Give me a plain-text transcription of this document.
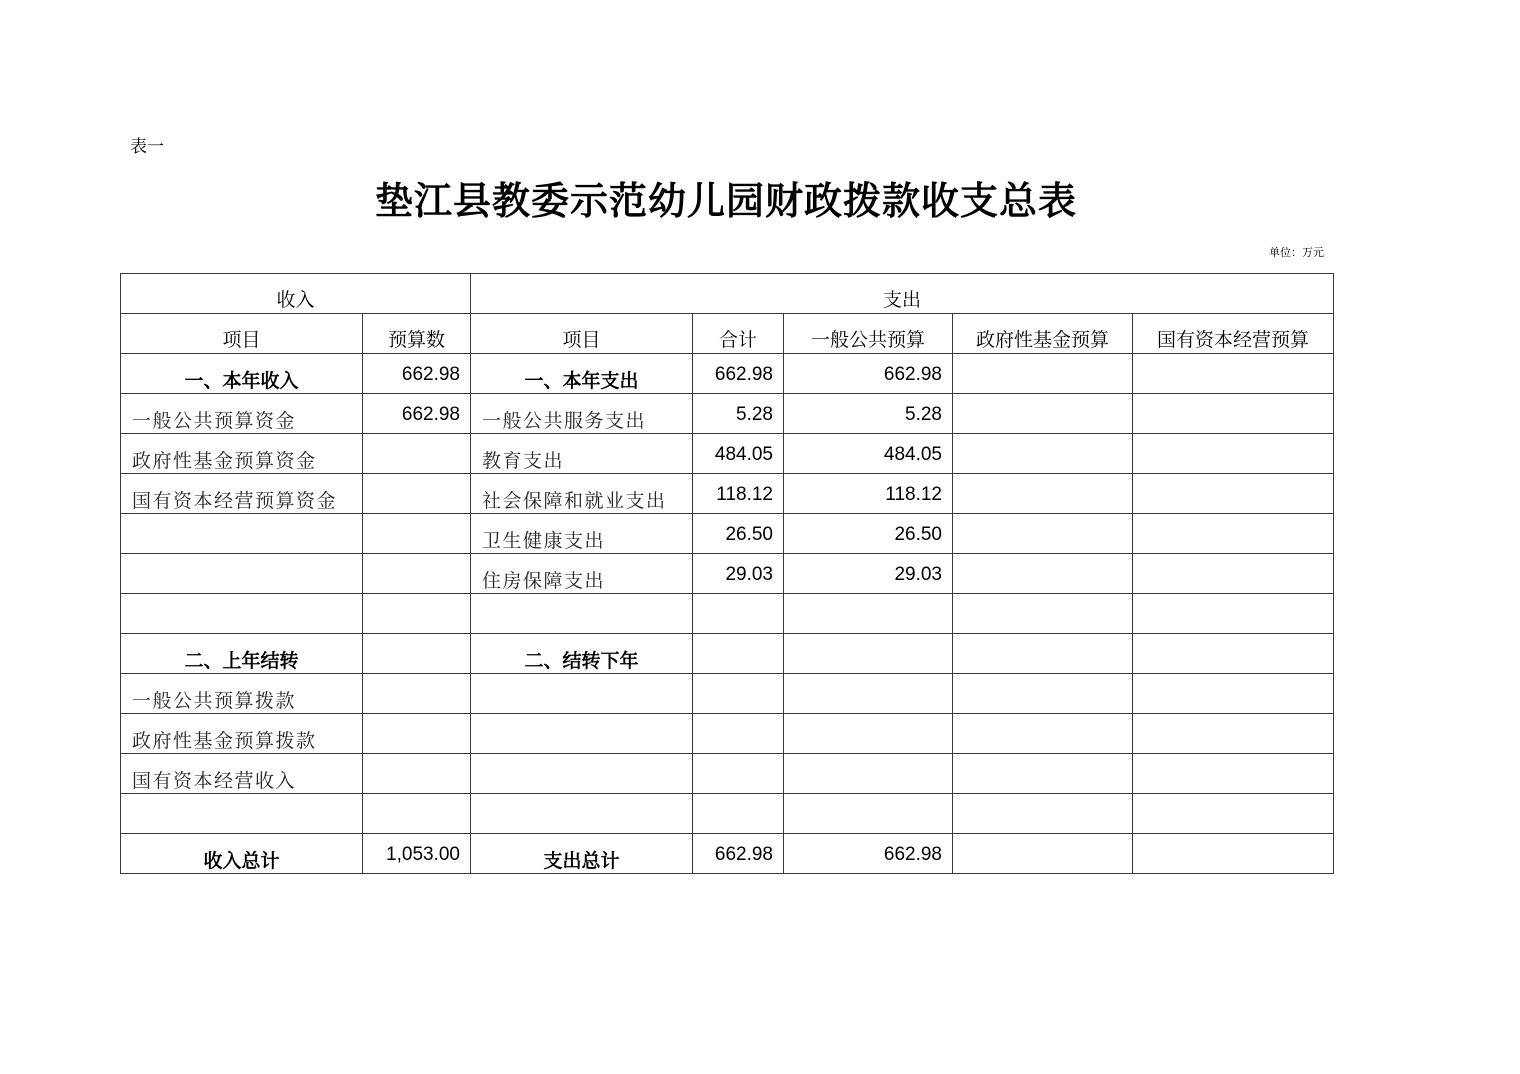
表一
垫江县教委示范幼儿园财政拨款收支总表
单位：万元
收入		支出				
项目	预算数	项目	合计	一般公共预算	政府性基金预算	国有资本经营预算
一、本年收入	662.98	一、本年支出	662.98	662.98		
一般公共预算资金	662.98	一般公共服务支出	5.28	5.28		
政府性基金预算资金		教育支出	484.05	484.05		
国有资本经营预算资金		社会保障和就业支出	118.12	118.12		
		卫生健康支出	26.50	26.50		
		住房保障支出	29.03	29.03		

二、上年结转		二、结转下年				
一般公共预算拨款						
政府性基金预算拨款						
国有资本经营收入						

收入总计	1,053.00	支出总计	662.98	662.98		
